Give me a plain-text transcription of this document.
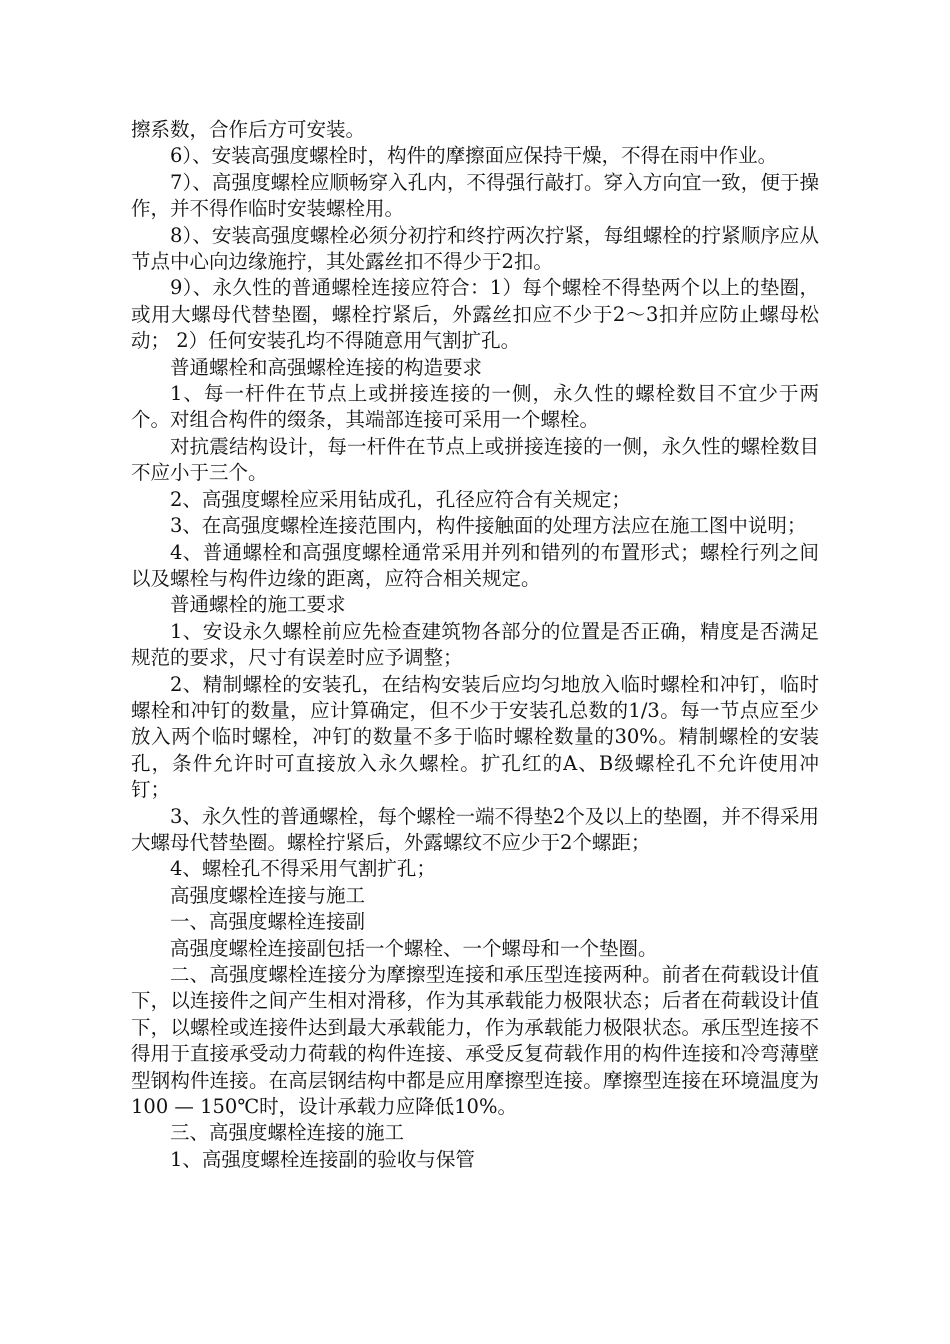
擦系数，合作后方可安装。

6）、安装高强度螺栓时，构件的摩擦面应保持干燥，不得在雨中作业。

7）、高强度螺栓应顺畅穿入孔内，不得强行敲打。穿入方向宜一致，便于操作，并不得作临时安装螺栓用。

8）、安装高强度螺栓必须分初拧和终拧两次拧紧，每组螺栓的拧紧顺序应从节点中心向边缘施拧，其处露丝扣不得少于2扣。

9）、永久性的普通螺栓连接应符合：1）每个螺栓不得垫两个以上的垫圈，或用大螺母代替垫圈，螺栓拧紧后，外露丝扣应不少于2～3扣并应防止螺母松动； 2）任何安装孔均不得随意用气割扩孔。

普通螺栓和高强螺栓连接的构造要求

1、每一杆件在节点上或拼接连接的一侧，永久性的螺栓数目不宜少于两个。对组合构件的缀条，其端部连接可采用一个螺栓。

对抗震结构设计，每一杆件在节点上或拼接连接的一侧，永久性的螺栓数目不应小于三个。

2、高强度螺栓应采用钻成孔，孔径应符合有关规定；

3、在高强度螺栓连接范围内，构件接触面的处理方法应在施工图中说明；

4、普通螺栓和高强度螺栓通常采用并列和错列的布置形式；螺栓行列之间以及螺栓与构件边缘的距离，应符合相关规定。

普通螺栓的施工要求

1、安设永久螺栓前应先检查建筑物各部分的位置是否正确，精度是否满足规范的要求，尺寸有误差时应予调整；

2、精制螺栓的安装孔，在结构安装后应均匀地放入临时螺栓和冲钉，临时螺栓和冲钉的数量，应计算确定，但不少于安装孔总数的1/3。每一节点应至少放入两个临时螺栓，冲钉的数量不多于临时螺栓数量的30%。精制螺栓的安装孔，条件允许时可直接放入永久螺栓。扩孔红的A、B级螺栓孔不允许使用冲钉；

3、永久性的普通螺栓，每个螺栓一端不得垫2个及以上的垫圈，并不得采用大螺母代替垫圈。螺栓拧紧后，外露螺纹不应少于2个螺距；

4、螺栓孔不得采用气割扩孔；

高强度螺栓连接与施工

一、高强度螺栓连接副

高强度螺栓连接副包括一个螺栓、一个螺母和一个垫圈。

二、高强度螺栓连接分为摩擦型连接和承压型连接两种。前者在荷载设计值下，以连接件之间产生相对滑移，作为其承载能力极限状态；后者在荷载设计值下，以螺栓或连接件达到最大承载能力，作为承载能力极限状态。承压型连接不得用于直接承受动力荷载的构件连接、承受反复荷载作用的构件连接和冷弯薄壁型钢构件连接。在高层钢结构中都是应用摩擦型连接。摩擦型连接在环境温度为100 — 150℃时，设计承载力应降低10%。

三、高强度螺栓连接的施工

1、高强度螺栓连接副的验收与保管
